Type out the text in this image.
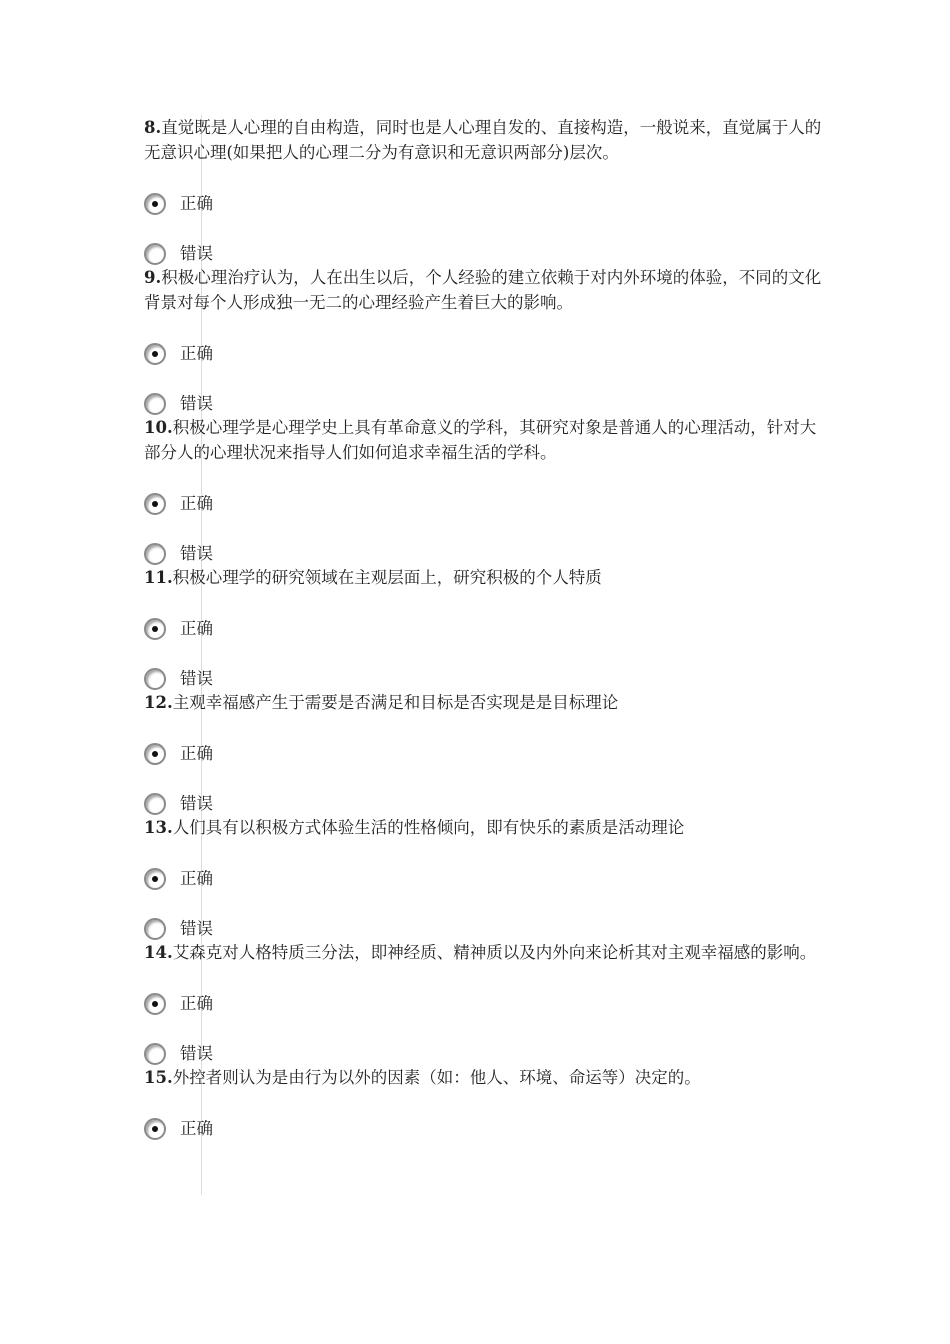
8.直觉既是人心理的自由构造，同时也是人心理自发的、直接构造，一般说来，直觉属于人的无意识心理(如果把人的心理二分为有意识和无意识两部分)层次。

正确
错误

9.积极心理治疗认为，人在出生以后，个人经验的建立依赖于对内外环境的体验，不同的文化背景对每个人形成独一无二的心理经验产生着巨大的影响。

正确
错误

10.积极心理学是心理学史上具有革命意义的学科，其研究对象是普通人的心理活动，针对大部分人的心理状况来指导人们如何追求幸福生活的学科。

正确
错误

11.积极心理学的研究领域在主观层面上，研究积极的个人特质

正确
错误

12.主观幸福感产生于需要是否满足和目标是否实现是是目标理论

正确
错误

13.人们具有以积极方式体验生活的性格倾向，即有快乐的素质是活动理论

正确
错误

14.艾森克对人格特质三分法，即神经质、精神质以及内外向来论析其对主观幸福感的影响。

正确
错误

15.外控者则认为是由行为以外的因素（如：他人、环境、命运等）决定的。

正确
